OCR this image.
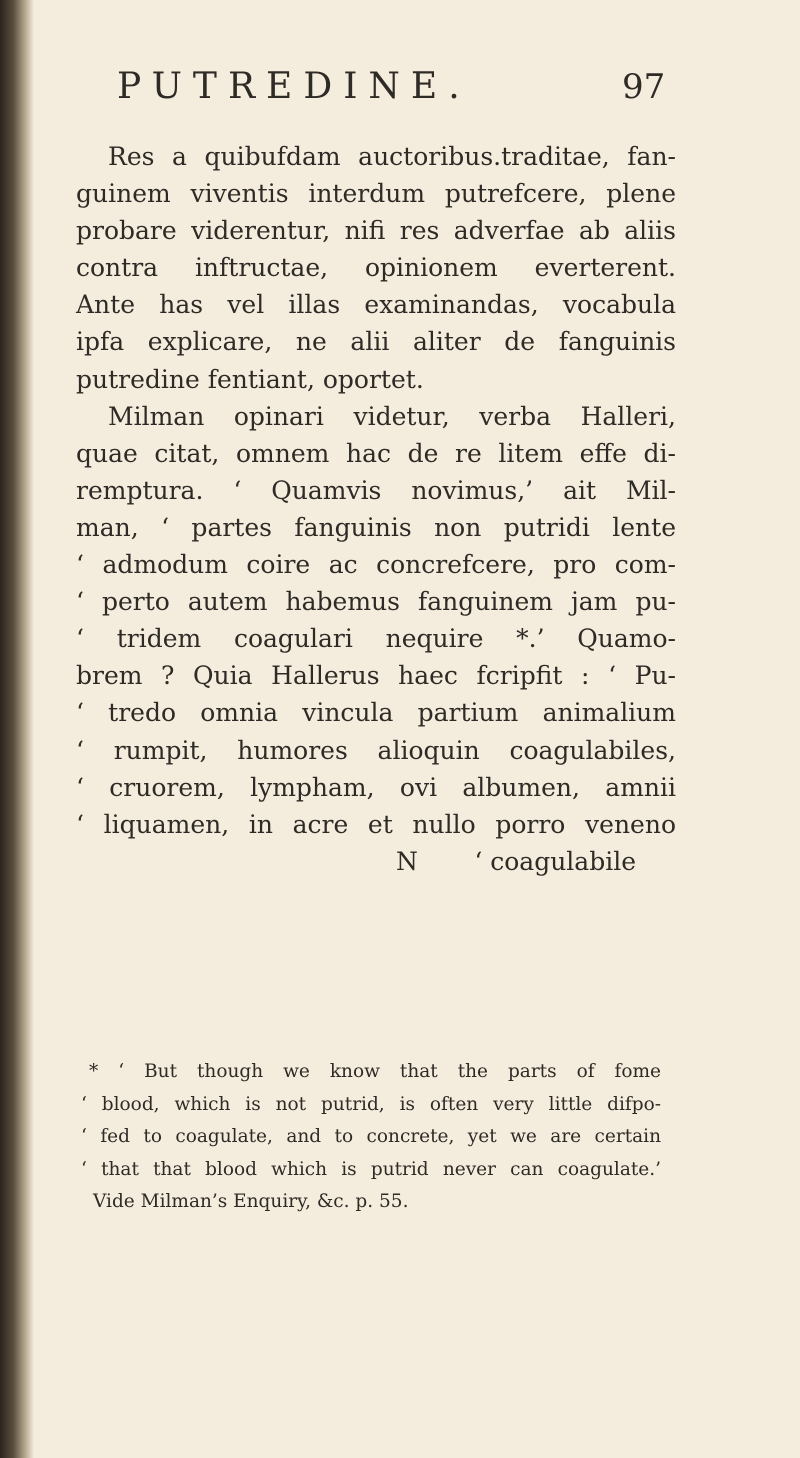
PUTREDINE.	97
Res a quibufdam auctoribus.traditae, fan-
guinem viventis interdum putrefcere, plene
probare viderentur, nifi res adverfae ab aliis
contra inftructae, opinionem everterent.
Ante has vel illas examinandas, vocabula
ipfa explicare, ne alii aliter de fanguinis
putredine fentiant, oportet.
Milman opinari videtur, verba Halleri,
quae citat, omnem hac de re litem effe di-
remptura. ‘ Quamvis novimus,’ ait Mil-
man, ‘ partes fanguinis non putridi lente
‘ admodum coire ac concrefcere, pro com-
‘ perto autem habemus fanguinem jam pu-
‘ tridem coagulari nequire *.’ Quamo-
brem ? Quia Hallerus haec fcripfit : ‘ Pu-
‘ tredo omnia vincula partium animalium
‘ rumpit, humores alioquin coagulabiles,
‘ cruorem, lympham, ovi albumen, amnii
‘ liquamen, in acre et nullo porro veneno
N ‘ coagulabile
* ‘ But though we know that the parts of fome
‘ blood, which is not putrid, is often very little difpo-
‘ fed to coagulate, and to concrete, yet we are certain
‘ that that blood which is putrid never can coagulate.’
Vide Milman’s Enquiry, &c. p. 55.
